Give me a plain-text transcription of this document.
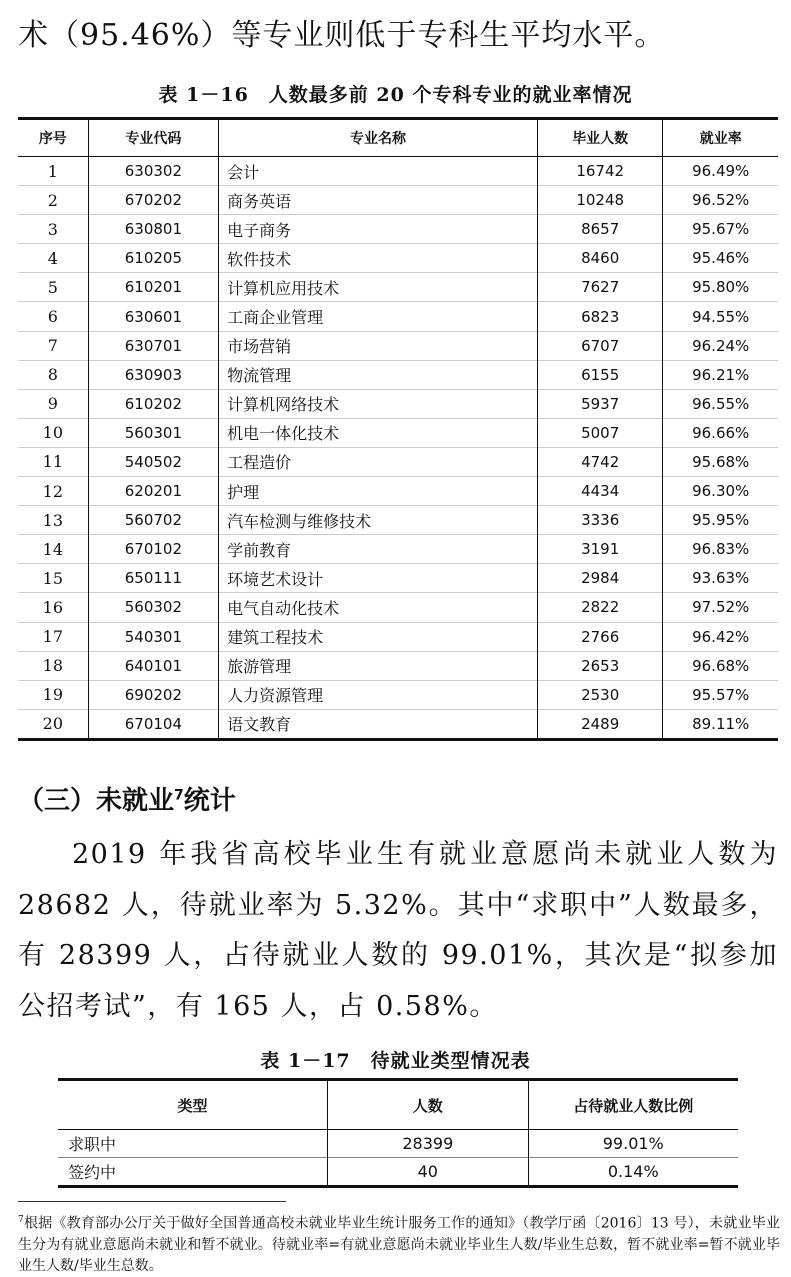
术（95.46%）等专业则低于专科生平均水平。
表 1－16　人数最多前 20 个专科专业的就业率情况
序号	专业代码	专业名称	毕业人数	就业率
1	630302	会计	16742	96.49%
2	670202	商务英语	10248	96.52%
3	630801	电子商务	8657	95.67%
4	610205	软件技术	8460	95.46%
5	610201	计算机应用技术	7627	95.80%
6	630601	工商企业管理	6823	94.55%
7	630701	市场营销	6707	96.24%
8	630903	物流管理	6155	96.21%
9	610202	计算机网络技术	5937	96.55%
10	560301	机电一体化技术	5007	96.66%
11	540502	工程造价	4742	95.68%
12	620201	护理	4434	96.30%
13	560702	汽车检测与维修技术	3336	95.95%
14	670102	学前教育	3191	96.83%
15	650111	环境艺术设计	2984	93.63%
16	560302	电气自动化技术	2822	97.52%
17	540301	建筑工程技术	2766	96.42%
18	640101	旅游管理	2653	96.68%
19	690202	人力资源管理	2530	95.57%
20	670104	语文教育	2489	89.11%
（三）未就业$^7$统计
2019 年我省高校毕业生有就业意愿尚未就业人数为 28682 人，待就业率为 5.32%。其中“求职中”人数最多，有 28399 人，占待就业人数的 99.01%，其次是“拟参加公招考试”，有 165 人，占 0.58%。
表 1－17　待就业类型情况表
类型	人数	占待就业人数比例
求职中	28399	99.01%
签约中	40	0.14%
$^7$根据《教育部办公厅关于做好全国普通高校未就业毕业生统计服务工作的通知》（教学厅函〔2016〕13 号），未就业毕业生分为有就业意愿尚未就业和暂不就业。待就业率=有就业意愿尚未就业毕业生人数/毕业生总数，暂不就业率=暂不就业毕业生人数/毕业生总数。
